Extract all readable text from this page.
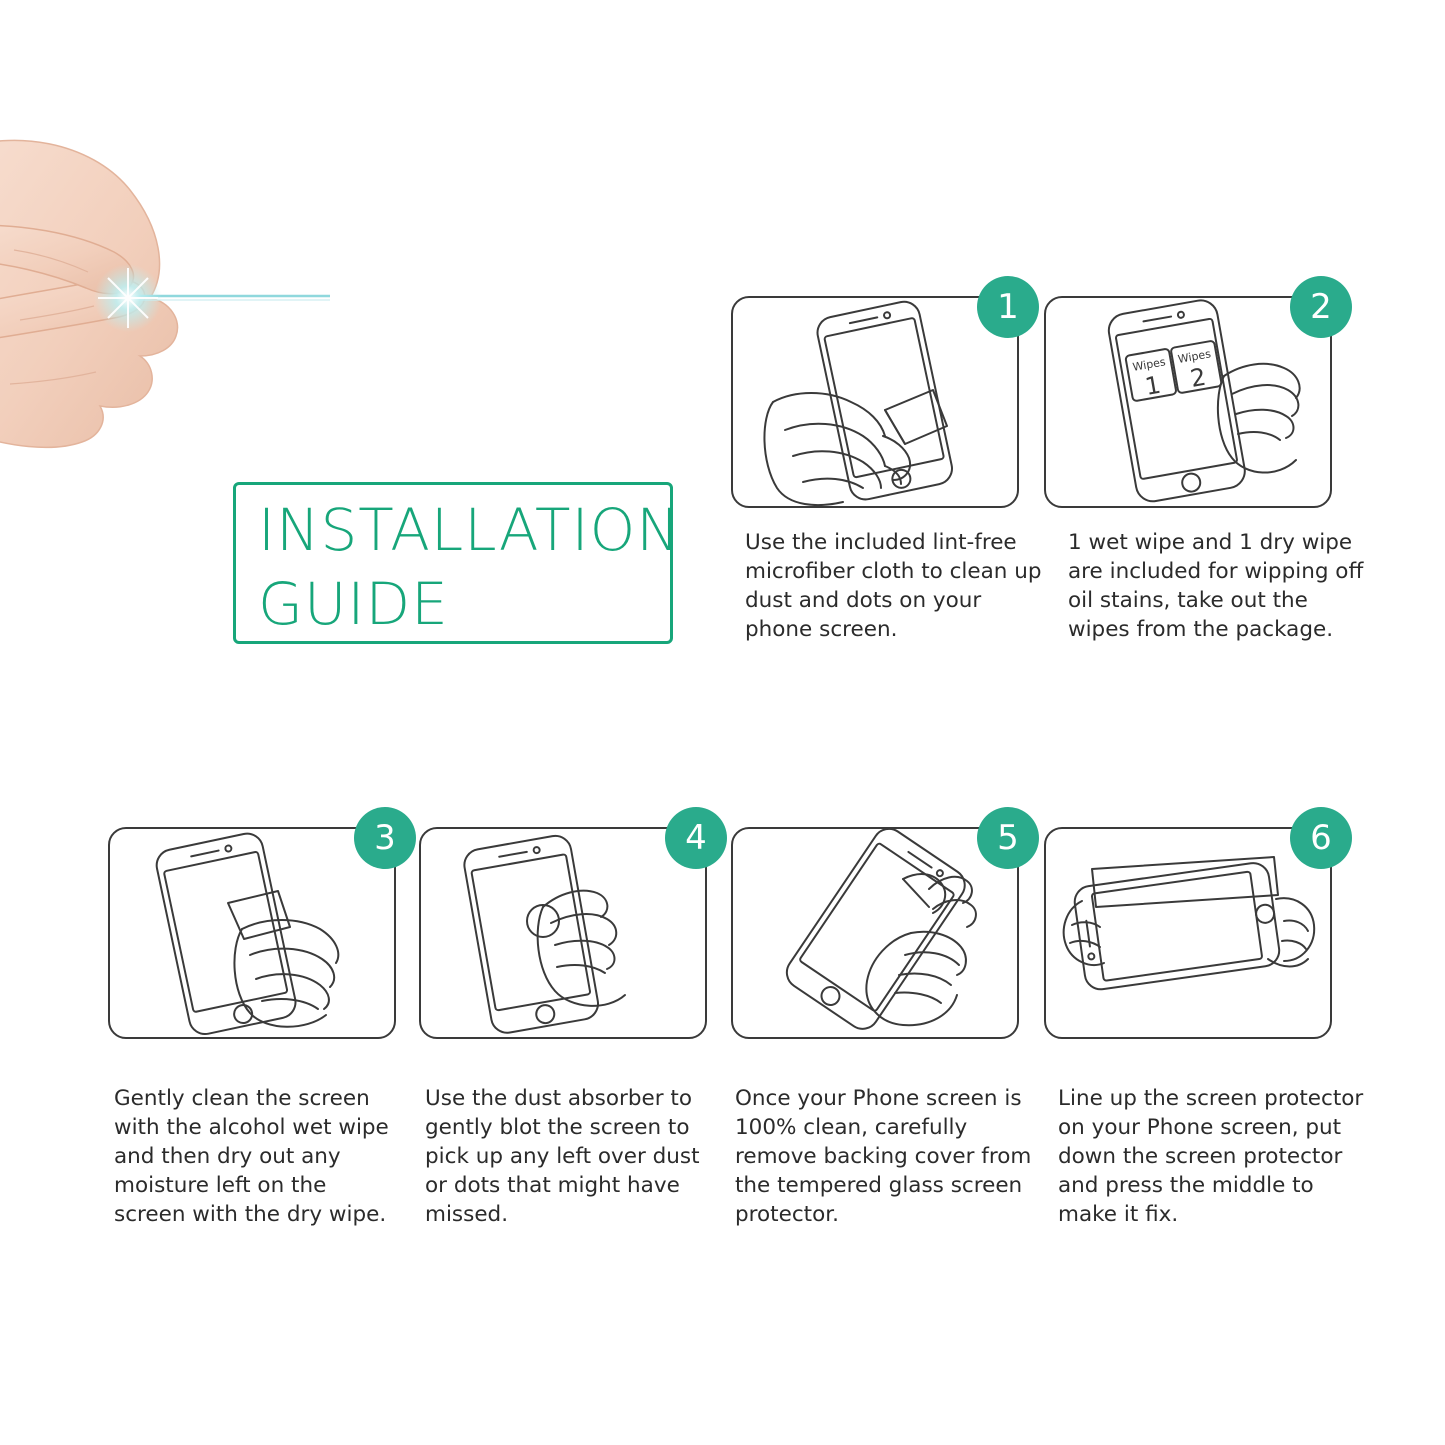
INSTALLATION
GUIDE
1
Use the included lint-free microfiber cloth to clean up dust and dots on your phone screen.
Wipes Wipes
1 2
2
1 wet wipe and 1 dry wipe are included for wipping off oil stains, take out the wipes from the package.
3
Gently clean the screen with the alcohol wet wipe and then dry out any moisture left on the screen with the dry wipe.
4
Use the dust absorber to gently blot the screen to pick up any left over dust or dots that might have missed.
5
Once your Phone screen is 100% clean, carefully remove backing cover from the tempered glass screen protector.
6
Line up the screen protector on your Phone screen, put down the screen protector and press the middle to make it fix.
